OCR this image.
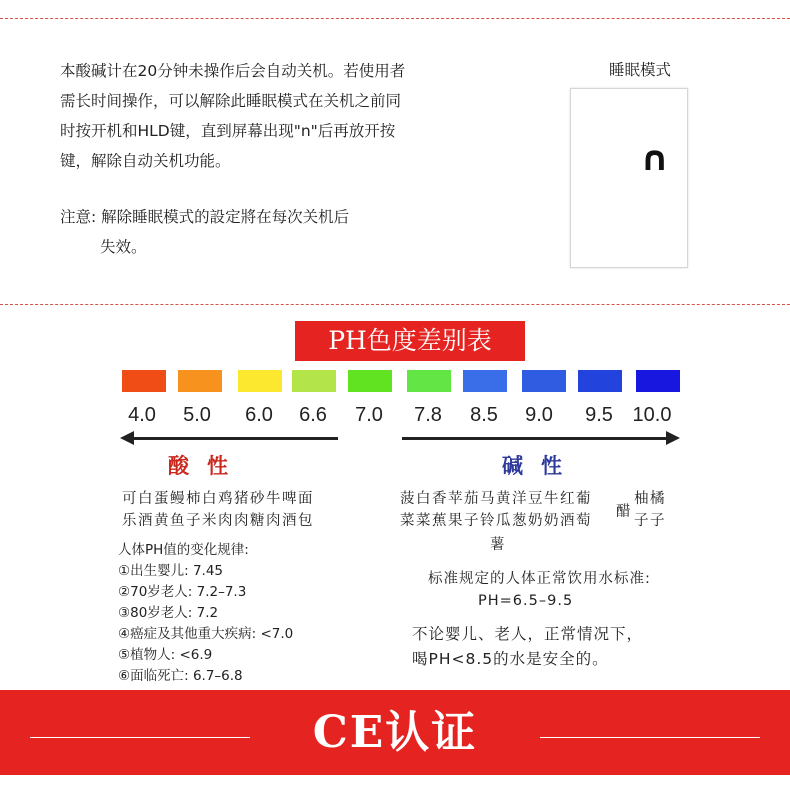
本酸碱计在20分钟未操作后会自动关机。若使用者
需长时间操作，可以解除此睡眠模式在关机之前同
时按开机和HLD键，直到屏幕出现"n"后再放开按
键，解除自动关机功能。
注意: 解除睡眠模式的設定將在每次关机后
失效。
睡眠模式
∩
PH色度差别表
4.0	5.0	6.0	6.6	7.0	7.8	8.5	9.0	9.5 10.0
酸性	碱性
可白蛋鳗柿白鸡猪砂牛啤面
乐酒黄鱼子米肉肉糖肉酒包
菠白香苹茄马黄洋豆牛红葡
菜菜蕉果子铃瓜葱奶奶酒萄
薯
醋
柚橘
子子
人体PH值的变化规律:
①出生婴儿: 7.45
②70岁老人: 7.2–7.3
③80岁老人: 7.2
④癌症及其他重大疾病: <7.0
⑤植物人: <6.9
⑥面临死亡: 6.7–6.8
标准规定的人体正常饮用水标准:
PH=6.5–9.5
不论婴儿、老人，正常情况下，
喝PH<8.5的水是安全的。
CE认证
